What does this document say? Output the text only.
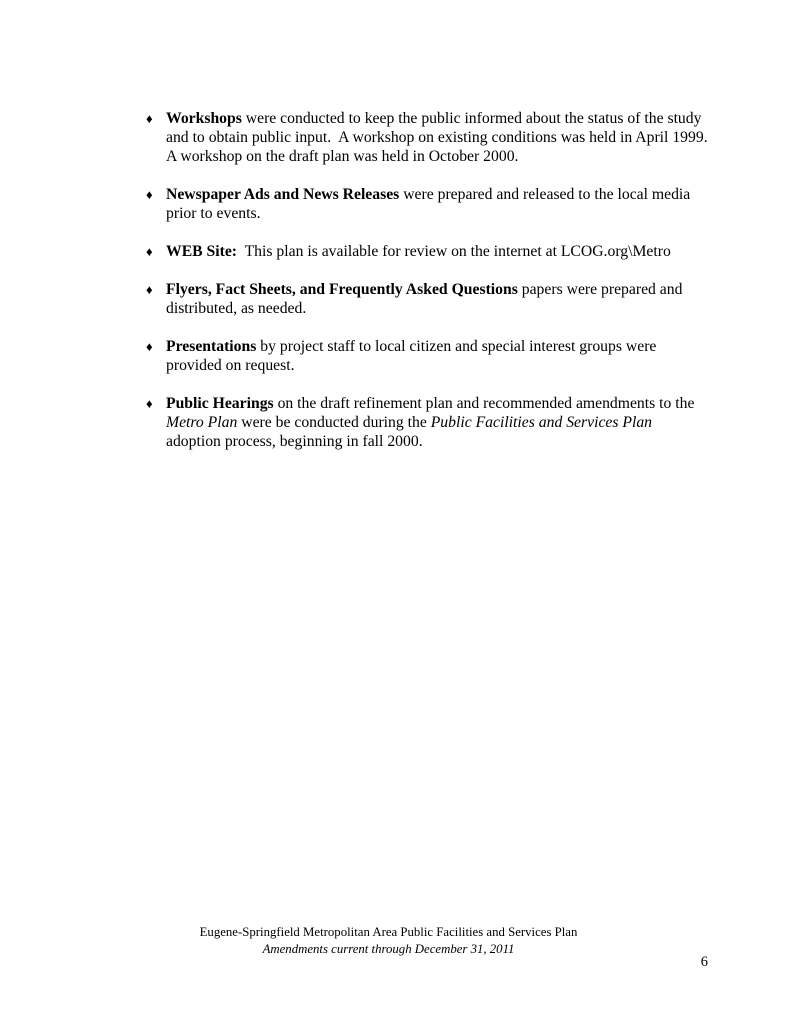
♦ Workshops were conducted to keep the public informed about the status of the study and to obtain public input.  A workshop on existing conditions was held in April 1999.  A workshop on the draft plan was held in October 2000.
♦ Newspaper Ads and News Releases were prepared and released to the local media prior to events.
♦ WEB Site:  This plan is available for review on the internet at LCOG.org\Metro
♦ Flyers, Fact Sheets, and Frequently Asked Questions papers were prepared and distributed, as needed.
♦ Presentations by project staff to local citizen and special interest groups were provided on request.
♦ Public Hearings on the draft refinement plan and recommended amendments to the Metro Plan were be conducted during the Public Facilities and Services Plan adoption process, beginning in fall 2000.
Eugene-Springfield Metropolitan Area Public Facilities and Services Plan
Amendments current through December 31, 2011
6
